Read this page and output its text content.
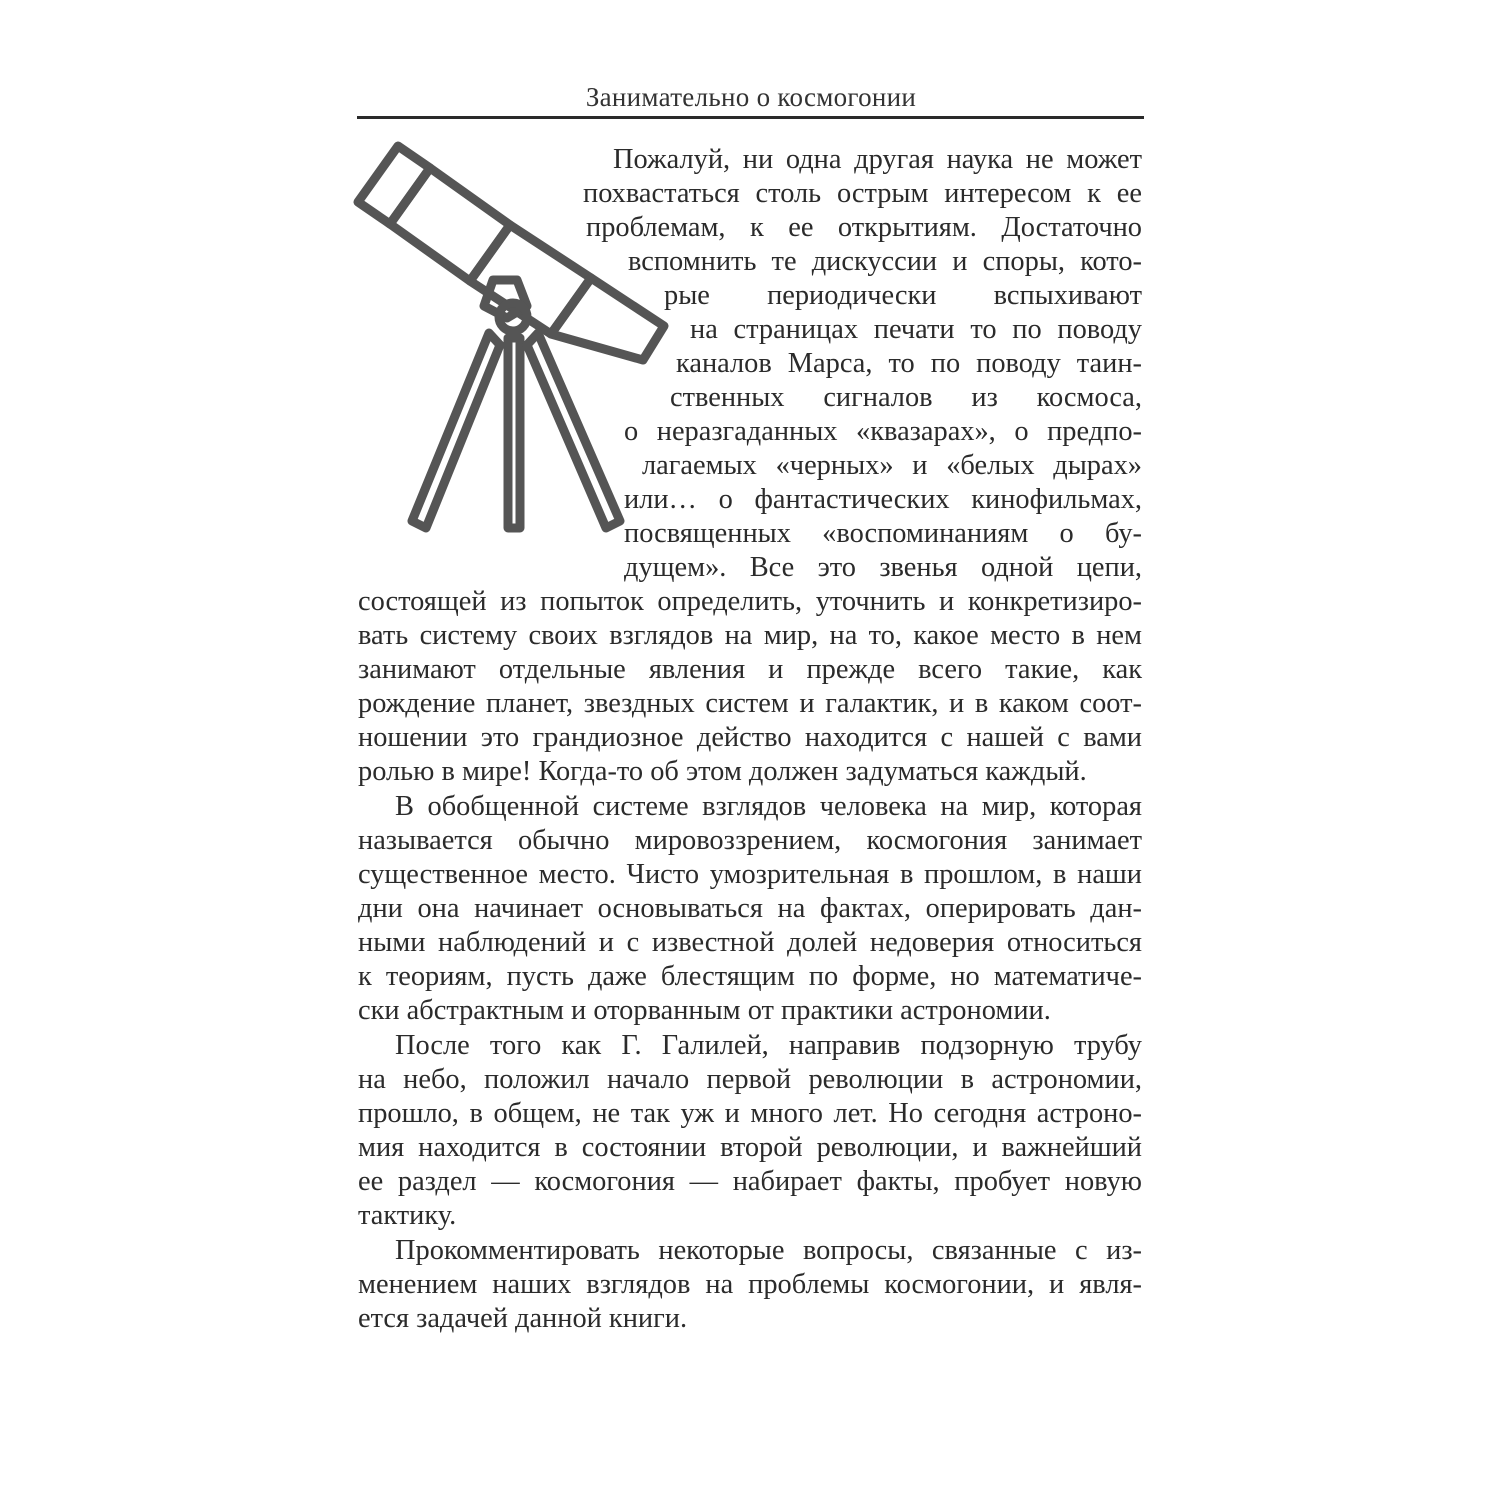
Занимательно о космогонии

Пожалуй, ни одна другая наука не может

похвастаться столь острым интересом к ее

проблемам, к ее открытиям. Достаточно

вспомнить те дискуссии и споры, кото-

рые периодически вспыхивают

на страницах печати то по поводу

каналов Марса, то по поводу таин-

ственных сигналов из космоса,

о неразгаданных «квазарах», о предпо-

лагаемых «черных» и «белых дырах»

или… о фантастических кинофильмах,

посвященных «воспоминаниям о бу-

дущем». Все это звенья одной цепи,

состоящей из попыток определить, уточнить и конкретизиро-

вать систему своих взглядов на мир, на то, какое место в нем

занимают отдельные явления и прежде всего такие, как

рождение планет, звездных систем и галактик, и в каком соот-

ношении это грандиозное действо находится с нашей с вами

ролью в мире! Когда-то об этом должен задуматься каждый.

В обобщенной системе взглядов человека на мир, которая

называется обычно мировоззрением, космогония занимает

существенное место. Чисто умозрительная в прошлом, в наши

дни она начинает основываться на фактах, оперировать дан-

ными наблюдений и с известной долей недоверия относиться

к теориям, пусть даже блестящим по форме, но математиче-

ски абстрактным и оторванным от практики астрономии.

После того как Г. Галилей, направив подзорную трубу

на небо, положил начало первой революции в астрономии,

прошло, в общем, не так уж и много лет. Но сегодня астроно-

мия находится в состоянии второй революции, и важнейший

ее раздел — космогония — набирает факты, пробует новую

тактику.

Прокомментировать некоторые вопросы, связанные с из-

менением наших взглядов на проблемы космогонии, и явля-

ется задачей данной книги.
